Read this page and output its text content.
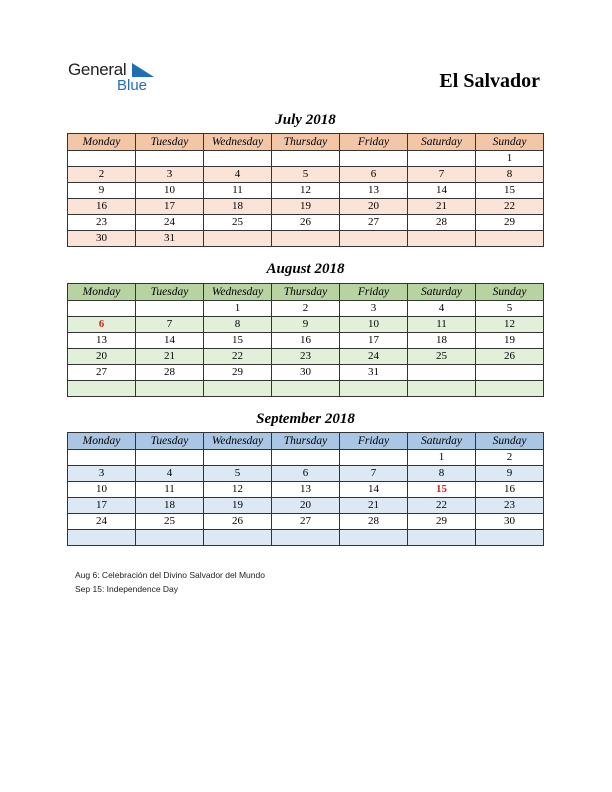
General
Blue	El Salvador
July 2018
Monday	Tuesday	Wednesday	Thursday	Friday	Saturday	Sunday
						1
2	3	4	5	6	7	8
9	10	11	12	13	14	15
16	17	18	19	20	21	22
23	24	25	26	27	28	29
30	31					
August 2018
Monday	Tuesday	Wednesday	Thursday	Friday	Saturday	Sunday
		1	2	3	4	5
6	7	8	9	10	11	12
13	14	15	16	17	18	19
20	21	22	23	24	25	26
27	28	29	30	31		

September 2018
Monday	Tuesday	Wednesday	Thursday	Friday	Saturday	Sunday
					1	2
3	4	5	6	7	8	9
10	11	12	13	14	15	16
17	18	19	20	21	22	23
24	25	26	27	28	29	30

Aug 6: Celebración del Divino Salvador del Mundo
Sep 15: Independence Day
